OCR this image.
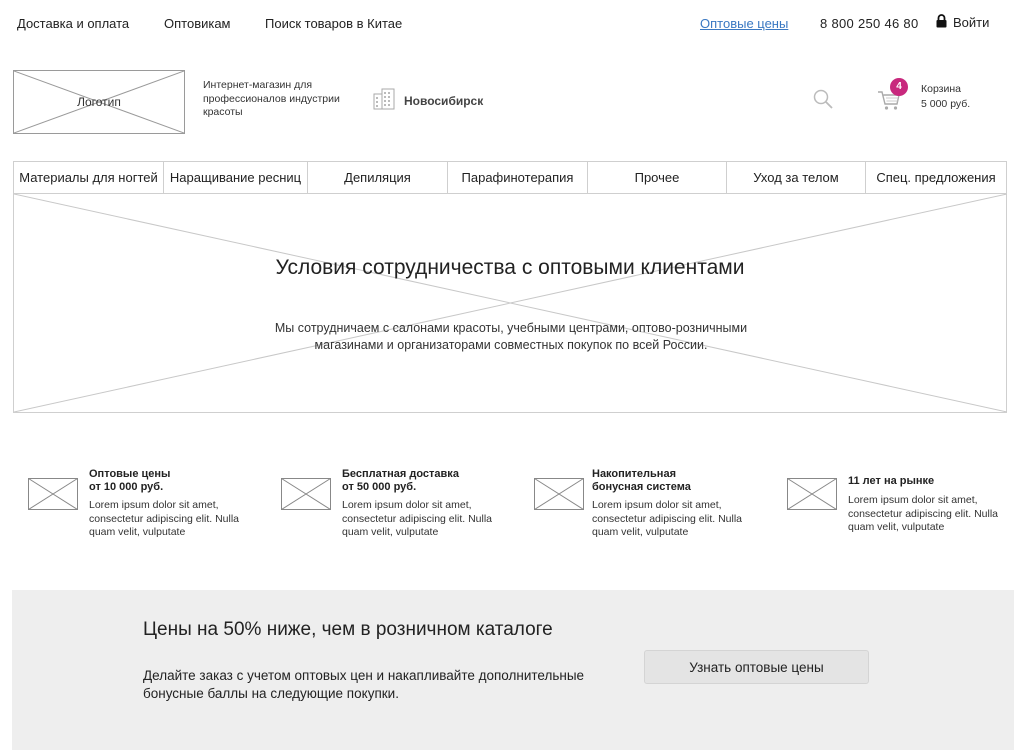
Доставка и оплата	Оптовикам	Поиск товаров в Китае	Оптовые цены 8 800 250 46 80	Войти
Логотип
Интернет-магазин для профессионалов индустрии красоты
Новосибирск
4	Корзина
5 000 руб.
Материалы для ногтей Наращивание ресниц	Депиляция	Парафинотерапия	Прочее	Уход за телом	Спец. предложения
Условия сотрудничества с оптовыми клиентами
Мы сотрудничаем с салонами красоты, учебными центрами, оптово-розничными магазинами и организаторами совместных покупок по всей России.
Оптовые цены от 10 000 руб.
Lorem ipsum dolor sit amet, consectetur adipiscing elit. Nulla quam velit, vulputate
Бесплатная доставка от 50 000 руб.
Lorem ipsum dolor sit amet, consectetur adipiscing elit. Nulla quam velit, vulputate
Накопительная бонусная система
Lorem ipsum dolor sit amet, consectetur adipiscing elit. Nulla quam velit, vulputate
11 лет на рынке
Lorem ipsum dolor sit amet, consectetur adipiscing elit. Nulla quam velit, vulputate
Цены на 50% ниже, чем в розничном каталоге
Делайте заказ с учетом оптовых цен и накапливайте дополнительные бонусные баллы на следующие покупки.
Узнать оптовые цены
